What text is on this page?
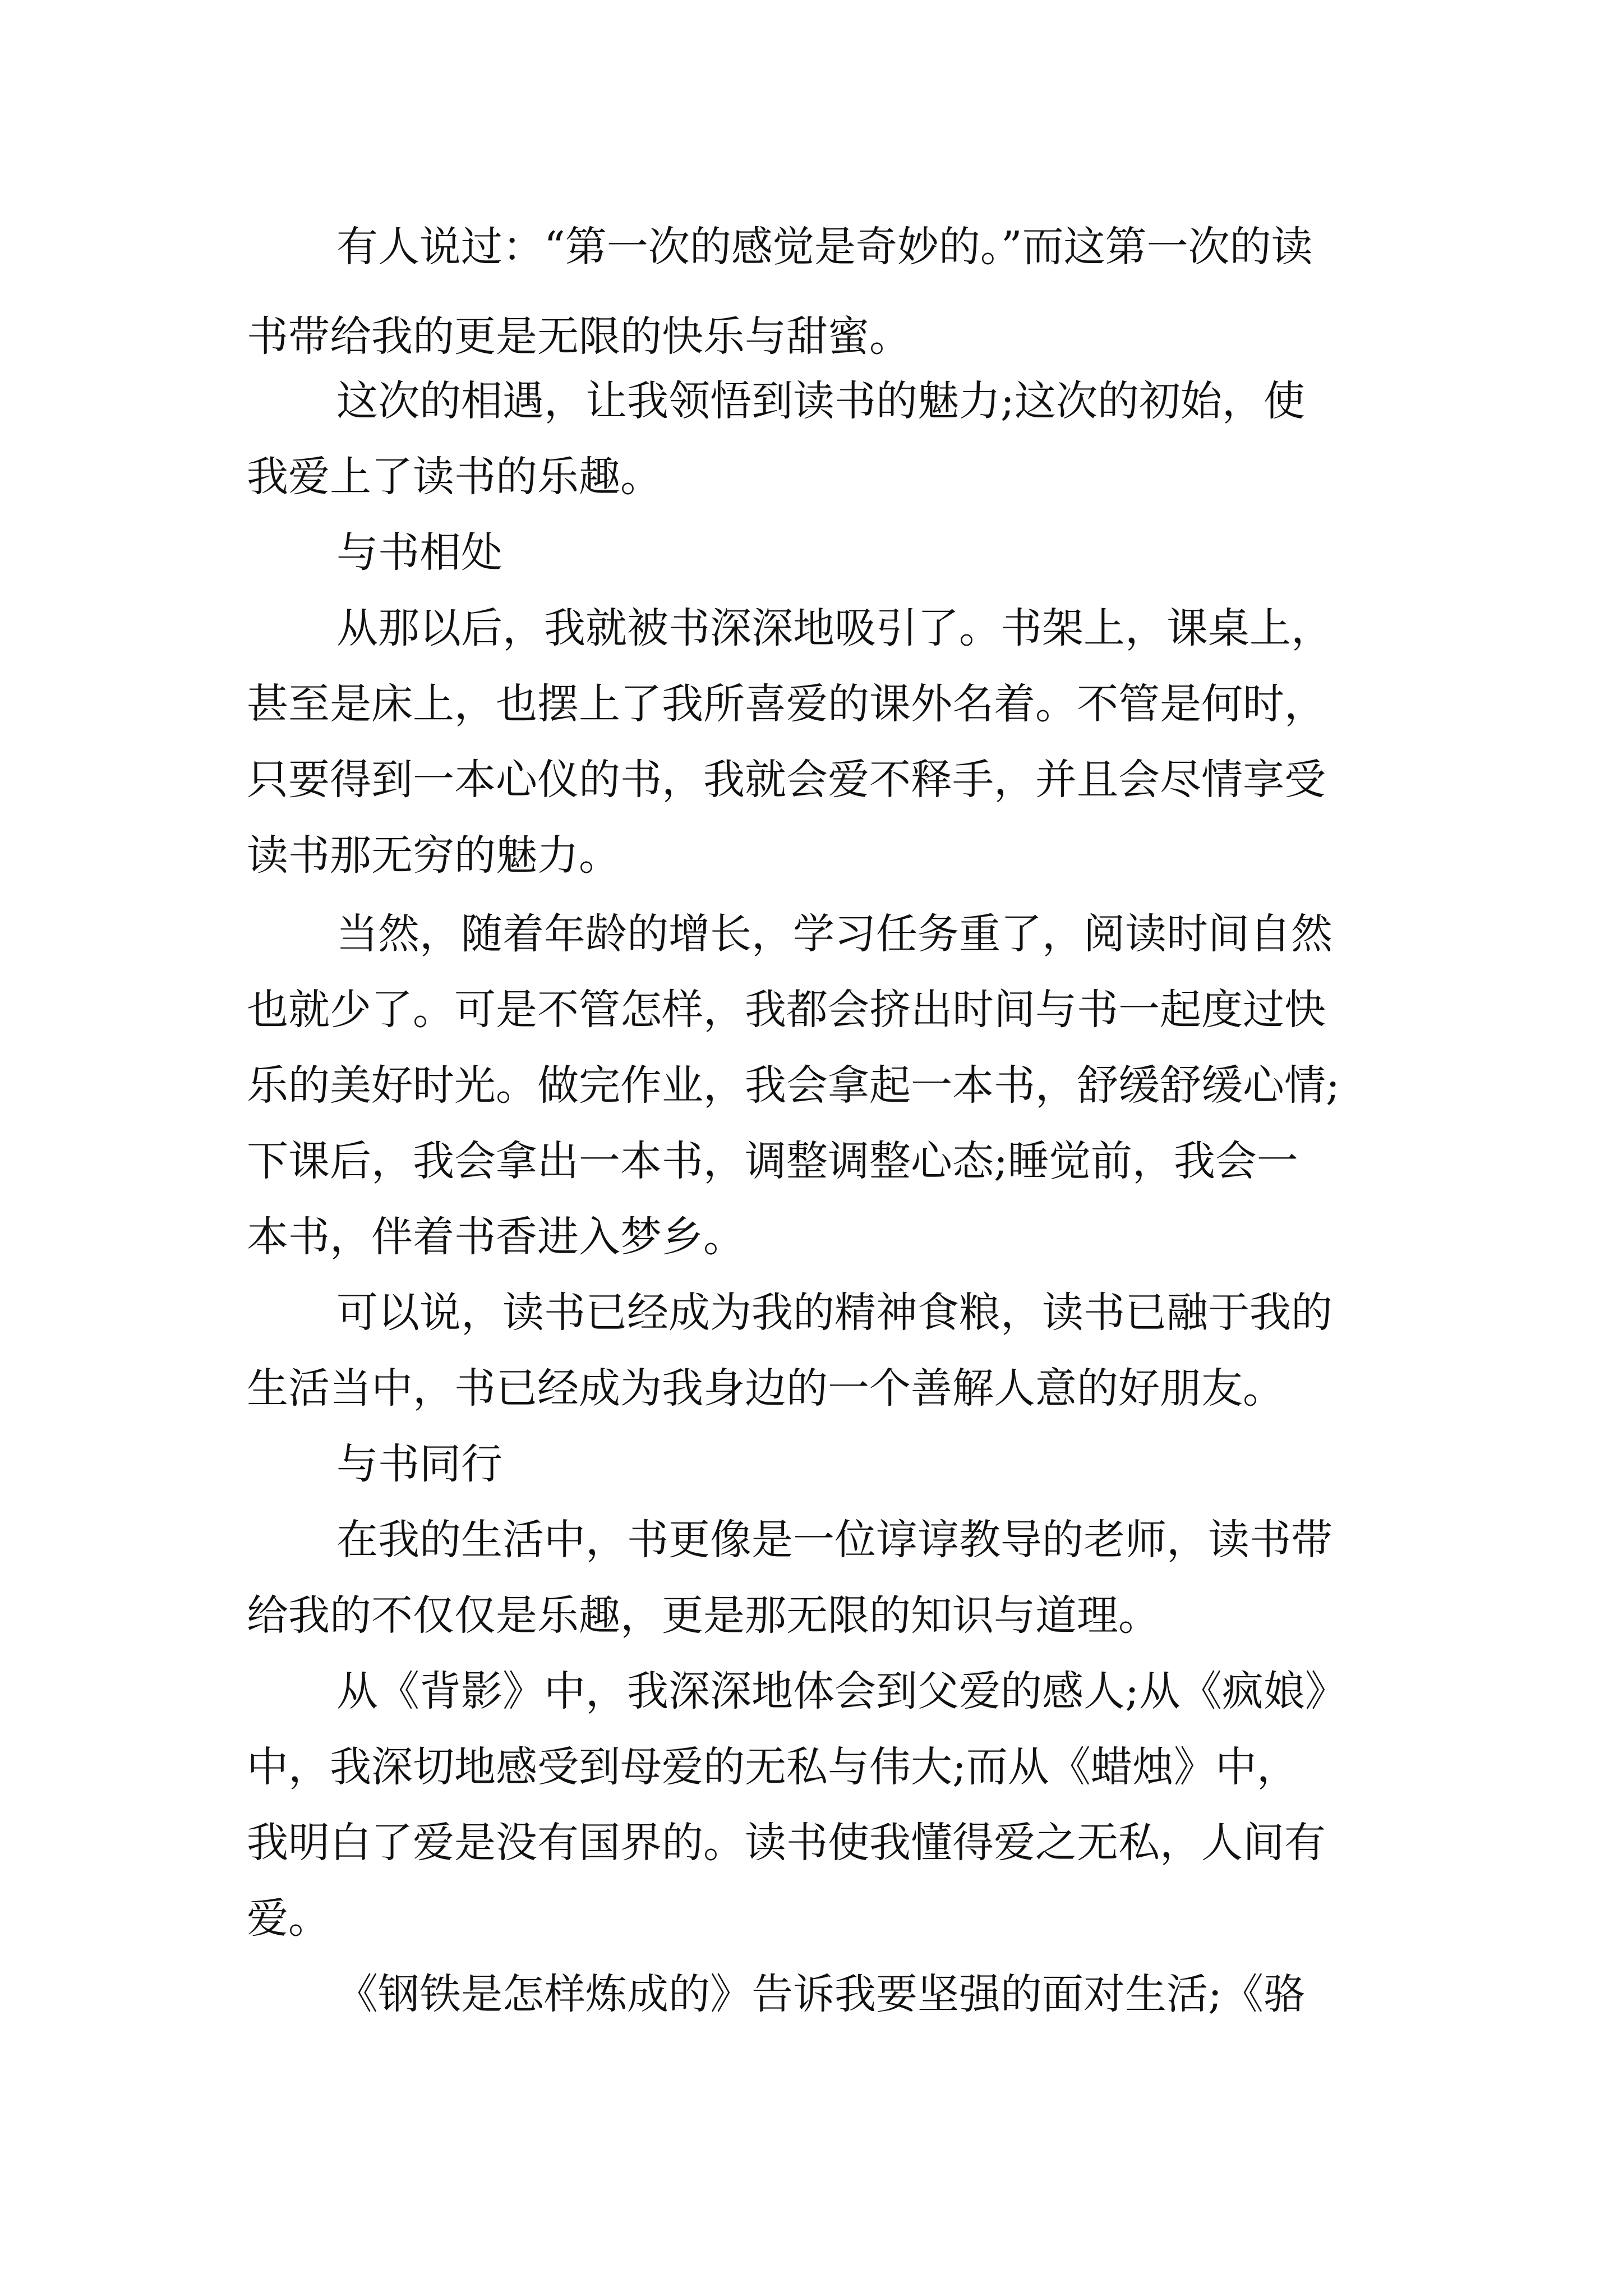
有人说过：“第一次的感觉是奇妙的。”而这第一次的读
书带给我的更是无限的快乐与甜蜜。
这次的相遇，让我领悟到读书的魅力;这次的初始，使
我爱上了读书的乐趣。
与书相处
从那以后，我就被书深深地吸引了。书架上，课桌上，
甚至是床上，也摆上了我所喜爱的课外名着。不管是何时，
只要得到一本心仪的书，我就会爱不释手，并且会尽情享受
读书那无穷的魅力。
当然，随着年龄的增长，学习任务重了，阅读时间自然
也就少了。可是不管怎样，我都会挤出时间与书一起度过快
乐的美好时光。做完作业，我会拿起一本书，舒缓舒缓心情;
下课后，我会拿出一本书，调整调整心态;睡觉前，我会一
本书，伴着书香进入梦乡。
可以说，读书已经成为我的精神食粮，读书已融于我的
生活当中，书已经成为我身边的一个善解人意的好朋友。
与书同行
在我的生活中，书更像是一位谆谆教导的老师，读书带
给我的不仅仅是乐趣，更是那无限的知识与道理。
从《背影》中，我深深地体会到父爱的感人;从《疯娘》
中，我深切地感受到母爱的无私与伟大;而从《蜡烛》中，
我明白了爱是没有国界的。读书使我懂得爱之无私，人间有
爱。
《钢铁是怎样炼成的》告诉我要坚强的面对生活;《骆
